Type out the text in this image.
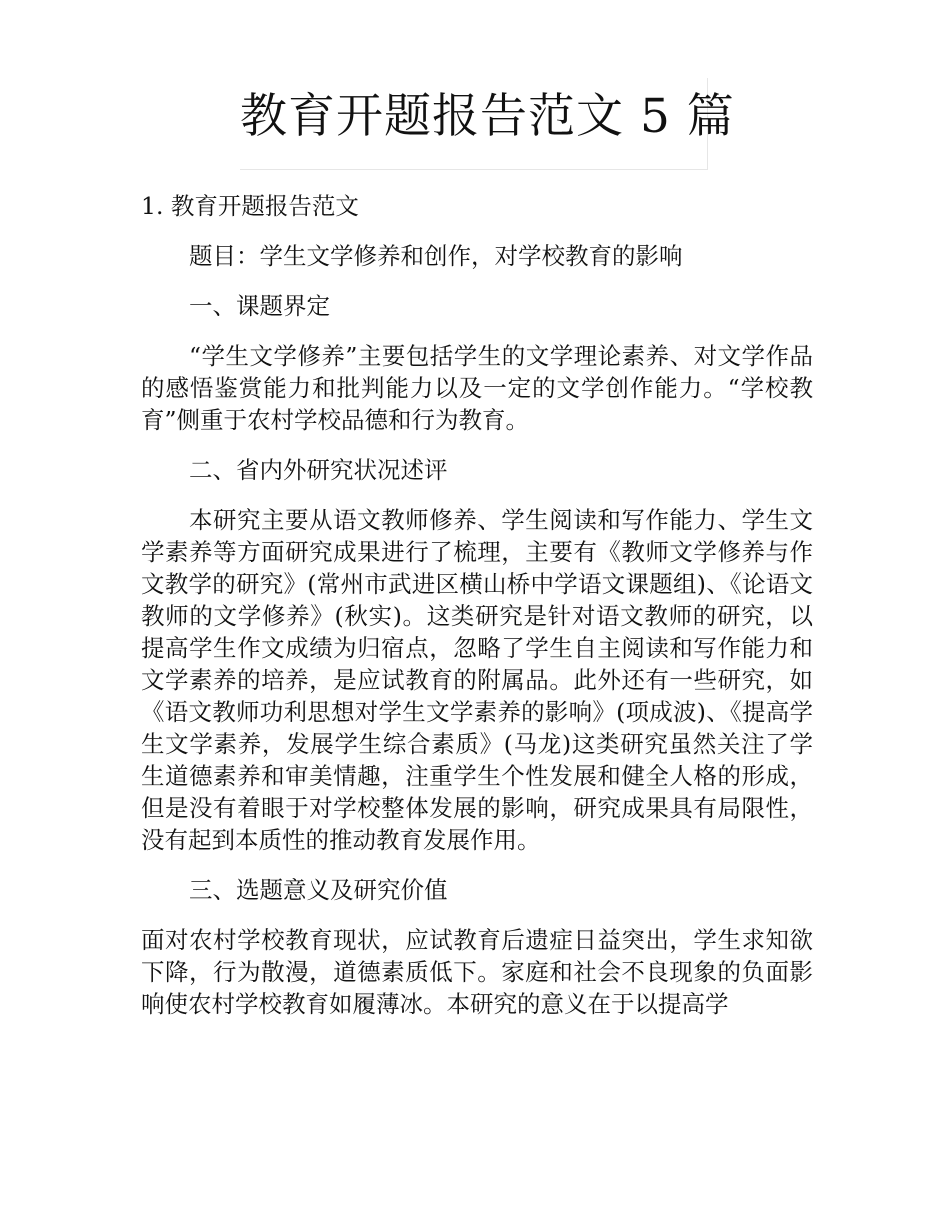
教育开题报告范文 5 篇

1. 教育开题报告范文

题目：学生文学修养和创作，对学校教育的影响

一、课题界定

“学生文学修养”主要包括学生的文学理论素养、对文学作品的感悟鉴赏能力和批判能力以及一定的文学创作能力。“学校教育”侧重于农村学校品德和行为教育。

二、省内外研究状况述评

本研究主要从语文教师修养、学生阅读和写作能力、学生文学素养等方面研究成果进行了梳理，主要有《教师文学修养与作文教学的研究》(常州市武进区横山桥中学语文课题组)、《论语文教师的文学修养》(秋实)。这类研究是针对语文教师的研究，以提高学生作文成绩为归宿点，忽略了学生自主阅读和写作能力和文学素养的培养，是应试教育的附属品。此外还有一些研究，如《语文教师功利思想对学生文学素养的影响》(项成波)、《提高学生文学素养，发展学生综合素质》(马龙)这类研究虽然关注了学生道德素养和审美情趣，注重学生个性发展和健全人格的形成，但是没有着眼于对学校整体发展的影响，研究成果具有局限性，没有起到本质性的推动教育发展作用。

三、选题意义及研究价值

面对农村学校教育现状，应试教育后遗症日益突出，学生求知欲下降，行为散漫，道德素质低下。家庭和社会不良现象的负面影响使农村学校教育如履薄冰。本研究的意义在于以提高学
